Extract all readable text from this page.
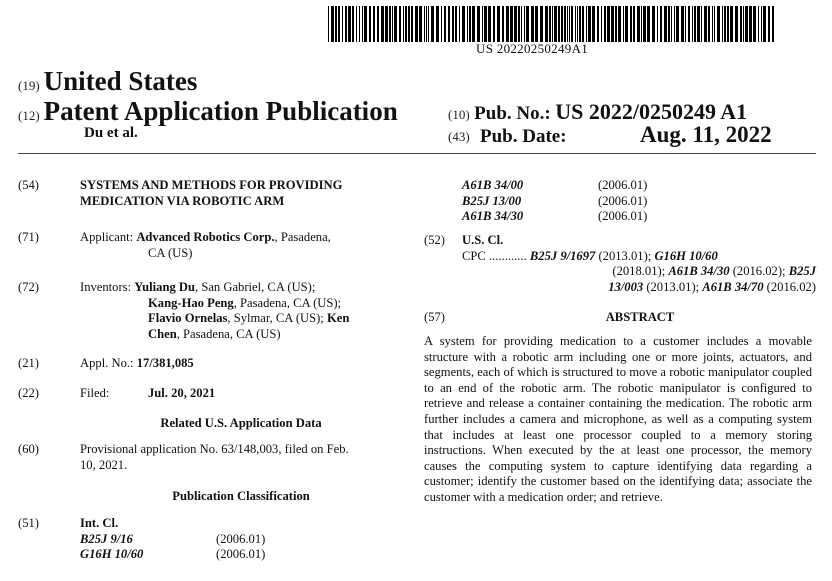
US 20220250249A1
(19) United States
(12) Patent Application Publication
Du et al.
(10) Pub. No.: US 2022/0250249 A1
(43) Pub. Date:	Aug. 11, 2022
(54)	SYSTEMS AND METHODS FOR PROVIDING
MEDICATION VIA ROBOTIC ARM
(71)	Applicant: Advanced Robotics Corp., Pasadena,
CA (US)
(72)	Inventors: Yuliang Du, San Gabriel, CA (US);
Kang-Hao Peng, Pasadena, CA (US);
Flavio Ornelas, Sylmar, CA (US); Ken
Chen, Pasadena, CA (US)
(21)	Appl. No.: 17/381,085
(22)	Filed:	Jul. 20, 2021
Related U.S. Application Data
(60)	Provisional application No. 63/148,003, filed on Feb.
10, 2021.
Publication Classification
(51)	Int. Cl.
B25J 9/16	(2006.01)
G16H 10/60	(2006.01)
A61B 34/00	(2006.01)
B25J 13/00	(2006.01)
A61B 34/30	(2006.01)
(52) U.S. Cl.
CPC ............ B25J 9/1697 (2013.01); G16H 10/60
(2018.01); A61B 34/30 (2016.02); B25J
13/003 (2013.01); A61B 34/70 (2016.02)
(57)	ABSTRACT
A system for providing medication to a customer includes a movable structure with a robotic arm including one or more joints, actuators, and segments, each of which is structured to move a robotic manipulator coupled to an end of the robotic arm. The robotic manipulator is configured to retrieve and release a container containing the medication. The robotic arm further includes a camera and microphone, as well as a computing system that includes at least one processor coupled to a memory storing instructions. When executed by the at least one processor, the memory causes the computing system to capture identifying data regarding a customer; identify the customer based on the identifying data; associate the customer with a medication order; and retrieve.
